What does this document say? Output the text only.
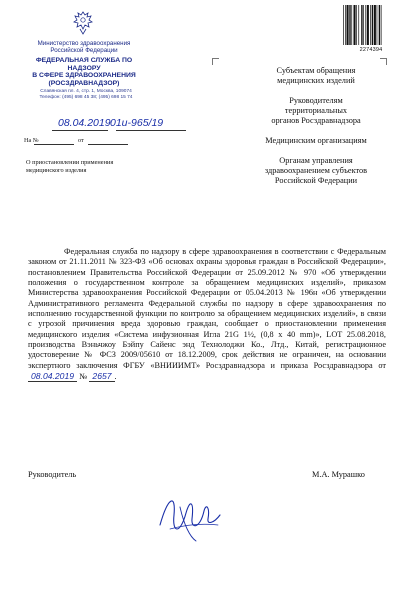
Министерство здравоохранения
Российской Федерации
ФЕДЕРАЛЬНАЯ СЛУЖБА ПО НАДЗОРУ
В СФЕРЕ ЗДРАВООХРАНЕНИЯ
(РОСЗДРАВНАДЗОР)
Славянская пл. 4, стр. 1, Москва, 109074
Телефон: (495) 698 45 38; (495) 698 15 74
08.04.2019 01и-965/19
На №	от
О приостановлении применения
медицинского изделия
2274394
Субъектам обращения
медицинских изделий
Руководителям
территориальных
органов Росздравнадзора
Медицинским организациям
Органам управления
здравоохранением субъектов
Российской Федерации
Федеральная служба по надзору в сфере здравоохранения в соответствии с Федеральным законом от 21.11.2011 № 323-ФЗ «Об основах охраны здоровья граждан в Российской Федерации», постановлением Правительства Российской Федерации от 25.09.2012 № 970 «Об утверждении положения о государственном контроле за обращением медицинских изделий», приказом Министерства здравоохранения Российской Федерации от 05.04.2013 № 196н «Об утверждении Административного регламента Федеральной службы по надзору в сфере здравоохранения по исполнению государственной функции по контролю за обращением медицинских изделий», в связи с угрозой причинения вреда здоровью граждан, сообщает о приостановлении применения медицинского изделия «Система инфузионная Игла 21G 1½, (0,8 x 40 mm)», LOT 25.08.2018, производства Вэньчжоу Бэйпу Сайенс энд Технолоджи Ко., Лтд., Китай, регистрационное удостоверение № ФСЗ 2009/05610 от 18.12.2009, срок действия не ограничен, на основании экспертного заключения ФГБУ «ВНИИИМТ» Росздравнадзора и приказа Росздравнадзора от 08.04.2019 № 2657 .
Руководитель	М.А. Мурашко
